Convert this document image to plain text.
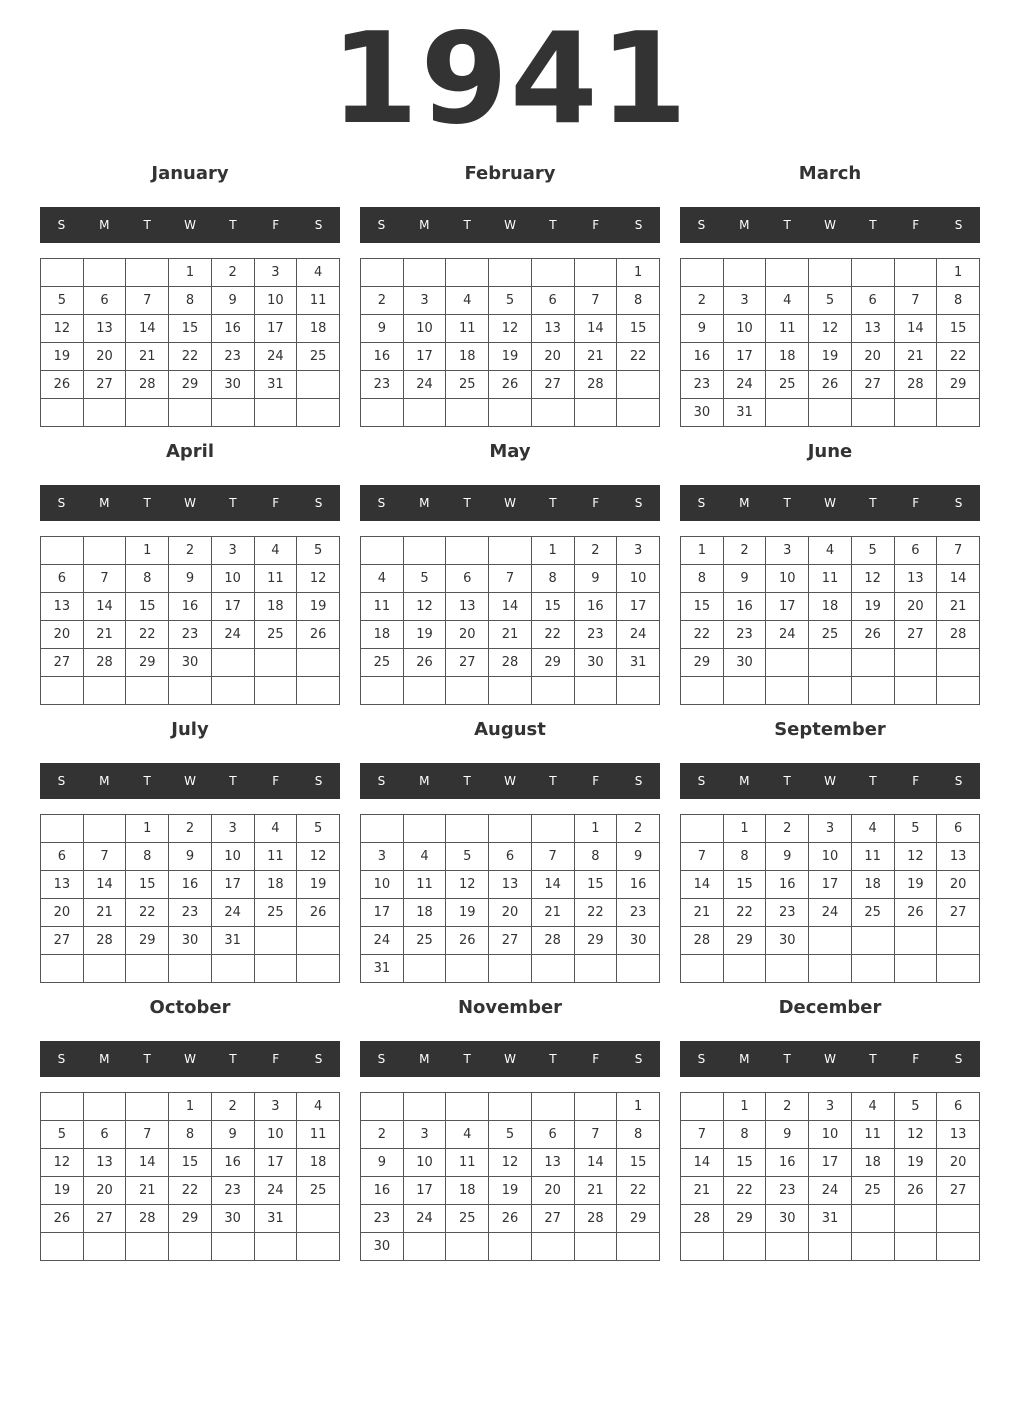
1941
January
S	M	T	W	T	F	S
			1	2	3	4
5	6	7	8	9	10	11
12	13	14	15	16	17	18
19	20	21	22	23	24	25
26	27	28	29	30	31	

February
S	M	T	W	T	F	S
						1
2	3	4	5	6	7	8
9	10	11	12	13	14	15
16	17	18	19	20	21	22
23	24	25	26	27	28	

March
S	M	T	W	T	F	S
						1
2	3	4	5	6	7	8
9	10	11	12	13	14	15
16	17	18	19	20	21	22
23	24	25	26	27	28	29
30	31					
April
S	M	T	W	T	F	S
		1	2	3	4	5
6	7	8	9	10	11	12
13	14	15	16	17	18	19
20	21	22	23	24	25	26
27	28	29	30			

May
S	M	T	W	T	F	S
				1	2	3
4	5	6	7	8	9	10
11	12	13	14	15	16	17
18	19	20	21	22	23	24
25	26	27	28	29	30	31

June
S	M	T	W	T	F	S
1	2	3	4	5	6	7
8	9	10	11	12	13	14
15	16	17	18	19	20	21
22	23	24	25	26	27	28
29	30					

July
S	M	T	W	T	F	S
		1	2	3	4	5
6	7	8	9	10	11	12
13	14	15	16	17	18	19
20	21	22	23	24	25	26
27	28	29	30	31		

August
S	M	T	W	T	F	S
					1	2
3	4	5	6	7	8	9
10	11	12	13	14	15	16
17	18	19	20	21	22	23
24	25	26	27	28	29	30
31						
September
S	M	T	W	T	F	S
	1	2	3	4	5	6
7	8	9	10	11	12	13
14	15	16	17	18	19	20
21	22	23	24	25	26	27
28	29	30				

October
S	M	T	W	T	F	S
			1	2	3	4
5	6	7	8	9	10	11
12	13	14	15	16	17	18
19	20	21	22	23	24	25
26	27	28	29	30	31	

November
S	M	T	W	T	F	S
						1
2	3	4	5	6	7	8
9	10	11	12	13	14	15
16	17	18	19	20	21	22
23	24	25	26	27	28	29
30						
December
S	M	T	W	T	F	S
	1	2	3	4	5	6
7	8	9	10	11	12	13
14	15	16	17	18	19	20
21	22	23	24	25	26	27
28	29	30	31			
